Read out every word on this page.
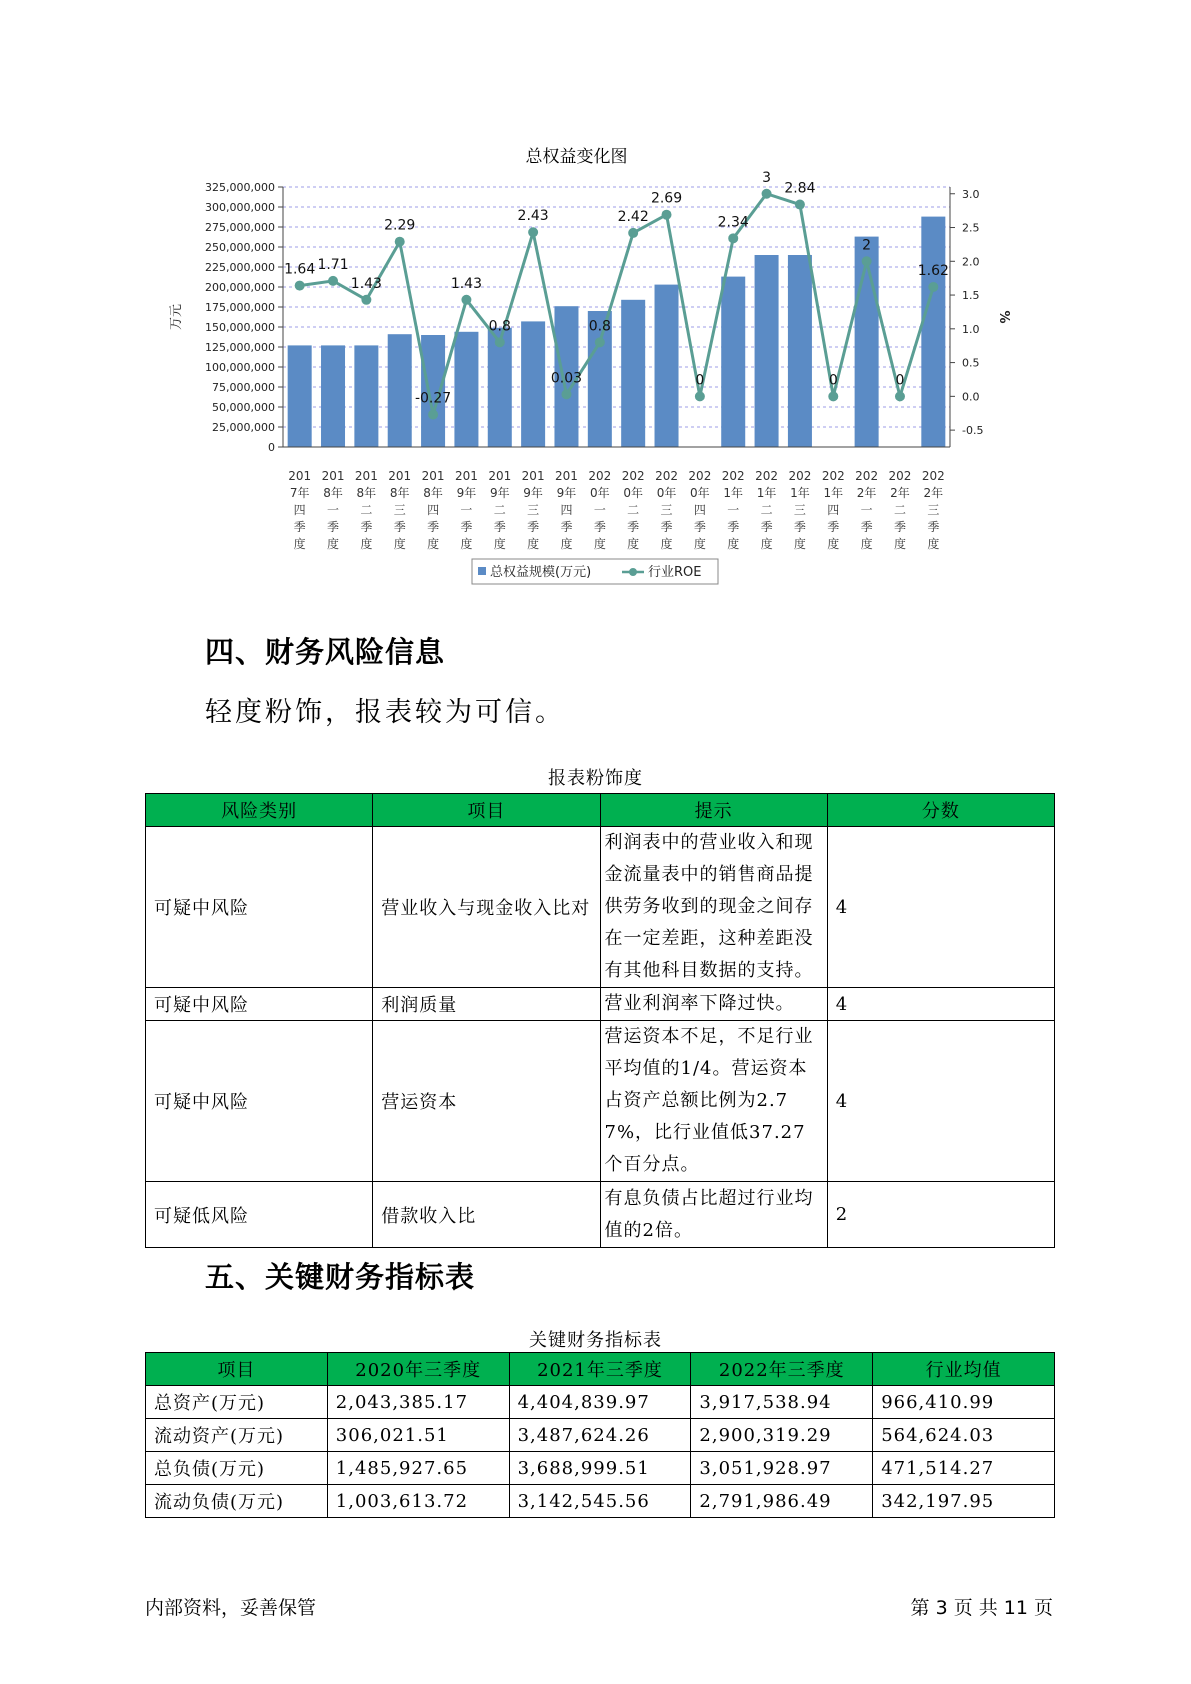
总权益变化图
0
25,000,000
50,000,000
75,000,000
100,000,000
125,000,000
150,000,000
175,000,000
200,000,000
225,000,000
250,000,000
275,000,000
300,000,000
325,000,000
-0.5
0.0
0.5
1.0
1.5
2.0
2.5
3.0
万元	%
1.64 1.71
1.43
2.29
-0.27
1.43
0.8
2.43
0.03
0.8
2.42
2.69
0
2.34
3
2.84
0
2
0
1.62
201
7年
四
季
度
201
8年
一
季
度
201
8年
二
季
度
201
8年
三
季
度
201
8年
四
季
度
201
9年
一
季
度
201
9年
二
季
度
201
9年
三
季
度
201
9年
四
季
度
202
0年
一
季
度
202
0年
二
季
度
202
0年
三
季
度
202
0年
四
季
度
202
1年
一
季
度
202
1年
二
季
度
202
1年
三
季
度
202
1年
四
季
度
202
2年
一
季
度
202
2年
二
季
度
202
2年
三
季
度
总权益规模(万元)	行业ROE
四、财务风险信息
轻度粉饰，报表较为可信。
报表粉饰度
风险类别	项目	提示	分数
可疑中风险	营业收入与现金收入比对	利润表中的营业收入和现金流量表中的销售商品提供劳务收到的现金之间存在一定差距，这种差距没有其他科目数据的支持。	4
可疑中风险	利润质量	营业利润率下降过快。	4
可疑中风险	营运资本	营运资本不足，不足行业平均值的1/4。营运资本占资产总额比例为2.77%，比行业值低37.27个百分点。	4
可疑低风险	借款收入比	有息负债占比超过行业均值的2倍。	2
五、关键财务指标表
关键财务指标表
项目	2020年三季度	2021年三季度	2022年三季度	行业均值
总资产(万元)	2,043,385.17	4,404,839.97	3,917,538.94	966,410.99
流动资产(万元)	306,021.51	3,487,624.26	2,900,319.29	564,624.03
总负债(万元)	1,485,927.65	3,688,999.51	3,051,928.97	471,514.27
流动负债(万元)	1,003,613.72	3,142,545.56	2,791,986.49	342,197.95
内部资料，妥善保管	第 3 页 共 11 页
